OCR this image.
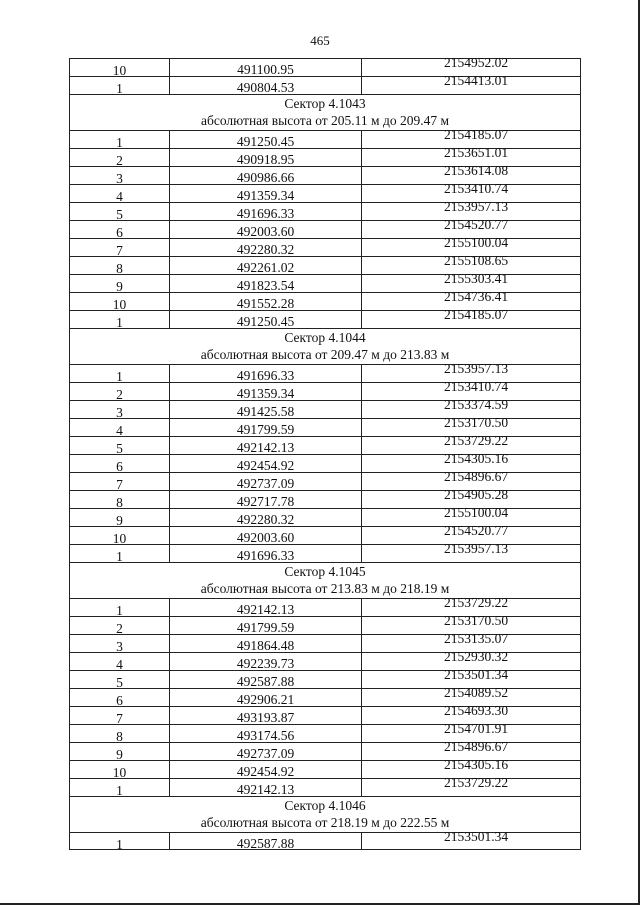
465
10	491100.95	2154952.02
1	490804.53	2154413.01
Сектор 4.1043
абсолютная высота от 205.11 м до 209.47 м
1	491250.45	2154185.07
2	490918.95	2153651.01
3	490986.66	2153614.08
4	491359.34	2153410.74
5	491696.33	2153957.13
6	492003.60	2154520.77
7	492280.32	2155100.04
8	492261.02	2155108.65
9	491823.54	2155303.41
10	491552.28	2154736.41
1	491250.45	2154185.07
Сектор 4.1044
абсолютная высота от 209.47 м до 213.83 м
1	491696.33	2153957.13
2	491359.34	2153410.74
3	491425.58	2153374.59
4	491799.59	2153170.50
5	492142.13	2153729.22
6	492454.92	2154305.16
7	492737.09	2154896.67
8	492717.78	2154905.28
9	492280.32	2155100.04
10	492003.60	2154520.77
1	491696.33	2153957.13
Сектор 4.1045
абсолютная высота от 213.83 м до 218.19 м
1	492142.13	2153729.22
2	491799.59	2153170.50
3	491864.48	2153135.07
4	492239.73	2152930.32
5	492587.88	2153501.34
6	492906.21	2154089.52
7	493193.87	2154693.30
8	493174.56	2154701.91
9	492737.09	2154896.67
10	492454.92	2154305.16
1	492142.13	2153729.22
Сектор 4.1046
абсолютная высота от 218.19 м до 222.55 м
1	492587.88	2153501.34
